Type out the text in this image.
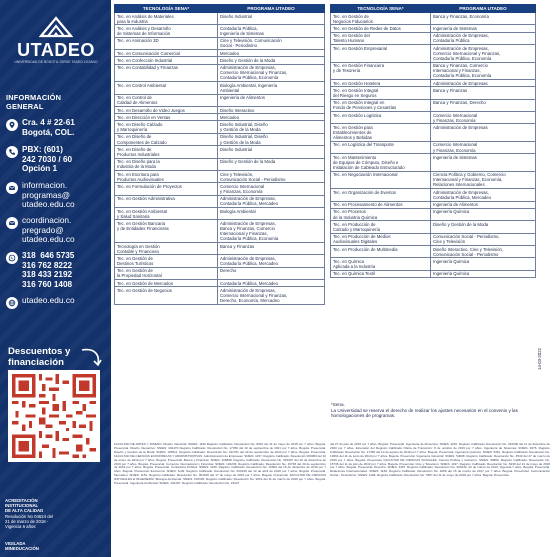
UTADEO
UNIVERSIDAD DE BOGOTÁ JORGE TADEO LOZANO
INFORMACIÓN
GENERAL
Cra. 4 # 22-61
Bogotá, COL.
PBX: (601)
242 7030 / 60
Opción 1
informacion.
programas@
utadeo.edu.co
coordinacion.
pregrado@
utadeo.edu.co
318  646 5735
316 762 8222
318 433 2192
316 760 1408
utadeo.edu.co
Descuentos y
financiación
ACREDITACIÓN
INSTITUCIONAL
DE ALTA CALIDAD
Resolución No 04624 del
21 de marzo de 2018 -
Vigencia 6 años
VIGILADA
MINEDUCACIÓN
TECNOLOGÍA SENA*	PROGRAMA UTADEO
Tec. en Análisis de Materiales
para la Industria	Diseño Industrial
Tec. en Análisis y Desarrollo
de Sistemas de Información	Contaduría Pública,
Ingeniería de Sistemas
Tec. en Animación 3D	Cine y Televisión, Comunicación
Social - Periodismo
Tec. en Comunicación Comercial	Mercadeo
Tec. en Confección Industrial	Diseño y Gestión de la Moda
Tec. en Contabilidad y Finanzas	Administración de Empresas,
Comercio Internacional y Finanzas,
Contaduría Pública, Economía
Tec. en Control Ambiental	Biología Ambiental, Ingeniería
Ambiental
Tec. en Control de
Calidad de Alimentos	Ingeniería de Alimentos
Tec. en Desarrollo de Video Juegos	Diseño Interactivo
Tec. en Dirección en Ventas	Mercadeo
Tec. en Diseño Calzado
y Marroquinería	Diseño Industrial, Diseño
y Gestión de la Moda
Tec. en Diseño de
Componentes de Calzado	Diseño Industrial, Diseño
y Gestión de la Moda
Tec. en Diseño de
Productos Industriales	Diseño Industrial
Tec. en Diseño para la
Industria de la Moda	Diseño y Gestión de la Moda
Tec. en Escritura para
Productos Audiovisuales	Cine y Televisión,
Comunicación Social - Periodismo
Tec. en Formulación de Proyectos	Comercio Internacional
y Finanzas, Economía
Tec. en Gestión Administrativa	Administración de Empresas,
Contaduría Pública, Mercadeo
Tec. en Gestión Ambiental
y Salud Sanitaria	Biología Ambiental
Tec. en Gestión Bancaria
y de Entidades Financieras	Administración de Empresas,
Banca y Finanzas, Comercio
Internacional y Finanzas,
Contaduría Pública, Economía
Tecnología en Gestión
Contable y Financiera	Banca y Finanzas
Tec. en Gestión de
Destinos Turísticos	Administración de Empresas,
Contaduría Pública, Mercadeo
Tec. en Gestión de
la Propiedad Horizontal	Derecho
Tec. en Gestión de Mercados	Contaduría Pública, Mercadeo
Tec. en Gestión de Negocios	Administración de Empresas,
Comercio Internacional y Finanzas,
Derecho, Economía, Mercadeo
TECNOLOGÍA SENA*	PROGRAMA UTADEO
Tec. en Gestión de
Negocios Fiduciarios	Banca y Finanzas, Economía
Tec. en Gestión de Redes de Datos	Ingeniería de Sistemas
Tec. en Gestión del
Talento Humano	Administración de Empresas,
Contaduría Pública
Tec. en Gestión Empresarial	Administración de Empresas,
Comercio Internacional y Finanzas,
Contaduría Pública, Economía
Tec. en Gestión Financiera
y de Tesorería	Banca y Finanzas, Comercio
Internacional y Finanzas,
Contaduría Pública, Economía
Tec. en Gestión Hotelera	Administración de Empresas
Tec. en Gestión Integral
del Riesgo en Seguros	Banca y Finanzas
Tec. en Gestión Integral en
Fondo de Pensiones y Cesantías	Banca y Finanzas, Derecho
Tec. en Gestión Logística	Comercio Internacional
y Finanzas, Economía
Tec. en Gestión para
Establecimientos de
Alimentos y Bebidas	Administración de Empresas
Tec. en Logística del Transporte	Comercio Internacional
y Finanzas, Economía
Tec. en Mantenimiento
de Equipos de Cómputo, Diseño e
Instalación de Cableado Estructurado	Ingeniería de Sistemas
Tec. en Negociación Internacional	Ciencia Política y Gobierno, Comercio
Internacional y Finanzas, Economía,
Relaciones Internacionales
Tec. en Organización de Eventos	Administración de Empresas,
Contaduría Pública, Mercadeo
Tec. en Procesamiento de Alimentos	Ingeniería de Alimentos
Tec. en Procesos
de la Industria Química	Ingeniería Química
Tec. en Producción de
Calzado y Marroquinería	Diseño y Gestión de la Moda
Tec. en Producción de Medios
Audiovisuales Digitales	Comunicación Social - Periodismo,
Cine y Televisión
Tec. en Producción de Multimedia	Diseño Interactivo, Cine y Televisión,
Comunicación Social - Periodismo
Tec. en Química
Aplicada a la Industria	Ingeniería Química
Tec. en Química Textil	Ingeniería Química
*Sena.
La Universidad se reserva el derecho de realizar los ajustes necesarios en el convenio y las homologaciones de programas.
14-03-2022
FACULTAD DE ARTES Y DISEÑO: Diseño Industrial: SNIES: 1199 Registro Calificado: Resolución No. 8010 del 11 de mayo de 2018 por 7 años. Bogotá. Presencial. Diseño Interactivo: SNIES: 102470 Registro Calificado: Resolución No. 17350 del 10 de septiembre de 2021 por 7 años. Bogotá. Presencial. Diseño y Gestión de la Moda: SNIES: 105911. Registro Calificado: Resolución No. 011781 del 19 de septiembre de 2020 por 7 años. Bogotá. Presencial. FACULTAD DE CIENCIAS ECONÓMICAS Y ADMINISTRATIVAS: Administración de Empresas: SNIES: 1157. Registro Calificado: Resolución 000080 del 10 de enero de 2019 por 7 años. Bogotá. Presencial. Banca y Finanzas: SNIES: 108848. Registro Calificado: Resolución No. 015097 del 10 de diciembre de 2019 por 7 años. Bogotá. Presencial. Comercio Internacional y Finanzas: SNIES: 104236. Registro Calificado: Resolución No. 15738 del 30 de septiembre de 2015 por 7 años. Bogotá. Presencial. Contaduría Pública: SNIES: 1159. Registro Calificado: Resolución No. 15609 del 10 de diciembre de 2019 por 7 años. Bogotá. Presencial. Economía: SNIES: 1139. Registro Calificado: Resolución No. 004249 del 13 de abril de 2018 por 7 años. Bogotá. Presencial. Mercadeo: SNIES: 1151. Registro Calificado: Resolución No. 004425 del 17 de mayo de 2019 por 7 años. Bogotá. Presencial. FACULTAD DE CIENCIAS NATURALES E INGENIERÍA: Biología Ambiental: SNIES: 105165. Registro Calificado: Resolución No. 3619 del 11 de marzo de 2018 por 7 años. Bogotá. Presencial. Ingeniería Ambiental: SNIES: 104187. Registro Calificado: Resolución No. 15227
del 27 de julio de 2015 por 7 años. Bogotá. Presencial. Ingeniería de Alimentos: SNIES: 1150. Registro Calificado: Resolución No. 016300 del 11 de diciembre de 2020 por 7 años. Extensión del Registro Calificado Oferta de Transición: 8 de octubre de 2019 por 7 años. Ingeniería de Sistemas: SNIES: 3676. Registro Calificado: Resolución No. 17456 del 10 de agosto de 2018 por 7 años. Bogotá. Presencial. Ingeniería Química: SNIES: 5461. Registro Calificado: Resolución No. 10964 del 11 de junio de 2019 por 7 años. Bogotá. Presencial. Ingeniería Industrial: SNIES: 54008. Registro Calificado: Resolución No. 3543 del 27 de marzo de 2019 por 7 años. Bogotá. Presencial. FACULTAD DE CIENCIAS SOCIALES: Ciencia Política y Gobierno: SNIES: 90860. Registro Calificado: Resolución No. 15736 del 11 de julio de 2019 por 7 años. Bogotá. Presencial. Cine y Televisión: SNIES: 1197. Registro Calificado: Resolución No. 8239 del 21 de mayo de 2018 por 7 años. Bogotá. Presencial. Derecho: SNIES: 4497. Registro Calificado: Resolución No. 300342, 20 de marzo de 2019. Vigencia 7 años. Bogotá. Presencial. Relaciones Internacionales: SNIES: 1160. Registro Calificado: Resolución No. 4286 del 15 de marzo de 2017 por 7 años. Bogotá. Presencial. Comunicación Social - Periodismo: SNIES: 1169. Registro Calificado: Resolución No. 7887 del 11 de mayo de 2018 por 7 años. Bogotá. Presencial.
